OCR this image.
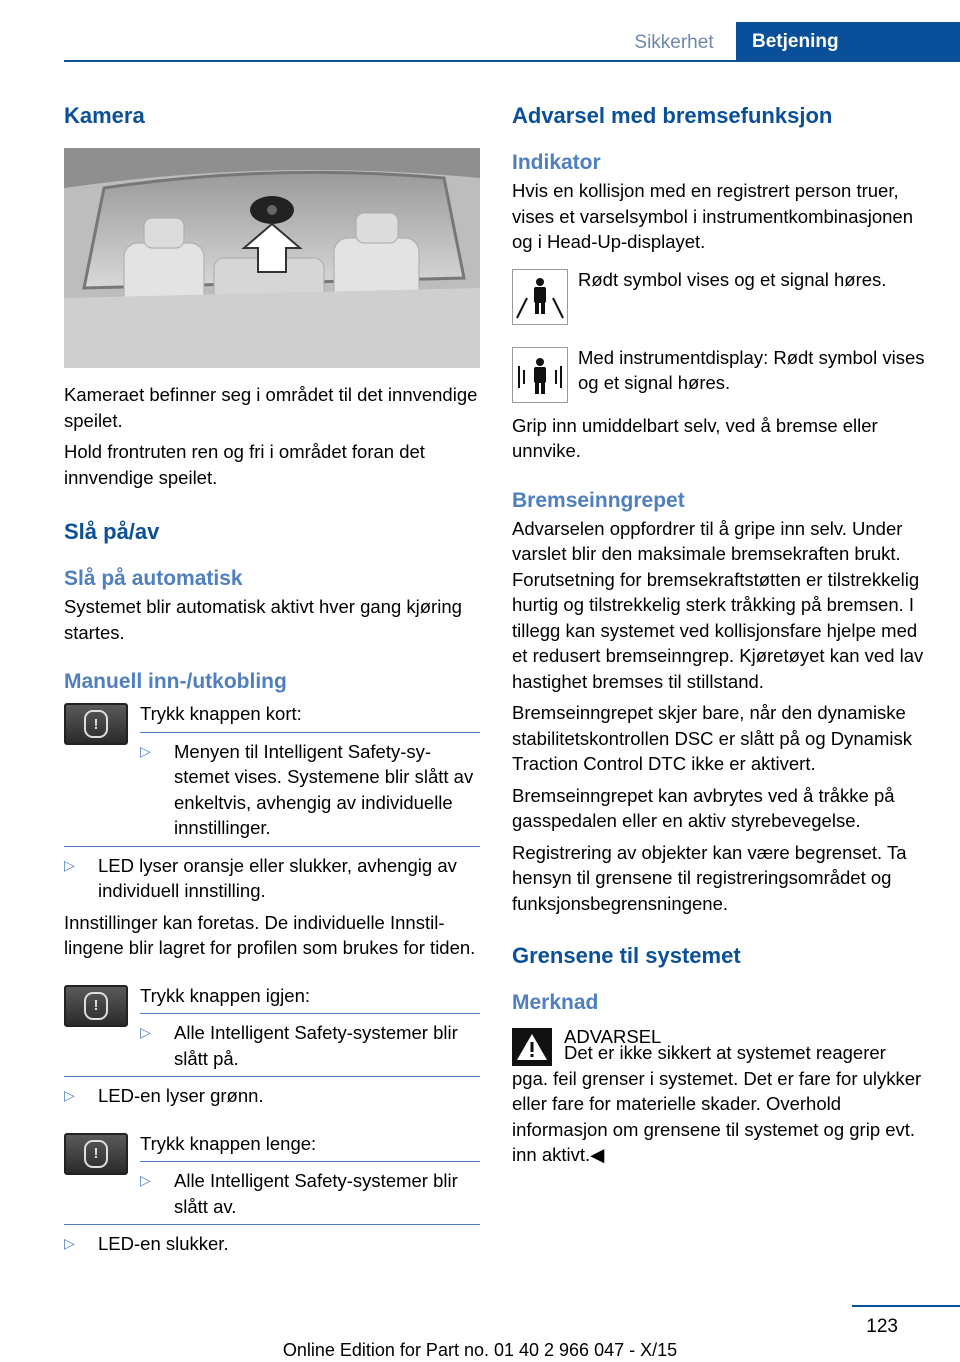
Sikkerhet	Betjening
Kamera
Kameraet befinner seg i området til det innvendige speilet.
Hold frontruten ren og fri i området foran det innvendige speilet.
Slå på/av
Slå på automatisk
Systemet blir automatisk aktivt hver gang kjøring startes.
Manuell inn-/utkobling
!	Trykk knappen kort:
▷	Menyen til Intelligent Safety-systemet vises. Systemene blir slått av enkeltvis, avhengig av individuelle innstillinger.
▷	LED lyser oransje eller slukker, avhengig av individuell innstilling.
Innstillinger kan foretas. De individuelle Innstillingene blir lagret for profilen som brukes for tiden.
!	Trykk knappen igjen:
▷	Alle Intelligent Safety-systemer blir slått på.
▷	LED-en lyser grønn.
!	Trykk knappen lenge:
▷	Alle Intelligent Safety-systemer blir slått av.
▷	LED-en slukker.
Advarsel med bremsefunksjon
Indikator
Hvis en kollisjon med en registrert person truer, vises et varselsymbol i instrumentkombinasjonen og i Head-Up-displayet.
Rødt symbol vises og et signal høres.
Med instrumentdisplay: Rødt symbol vises og et signal høres.
Grip inn umiddelbart selv, ved å bremse eller unnvike.
Bremseinngrepet
Advarselen oppfordrer til å gripe inn selv. Under varslet blir den maksimale bremsekraften brukt. Forutsetning for bremsekraftstøtten er tilstrekkelig hurtig og tilstrekkelig sterk tråkking på bremsen. I tillegg kan systemet ved kollisjonsfare hjelpe med et redusert bremseinngrep. Kjøretøyet kan ved lav hastighet bremses til stillstand.
Bremseinngrepet skjer bare, når den dynamiske stabilitetskontrollen DSC er slått på og Dynamisk Traction Control DTC ikke er aktivert.
Bremseinngrepet kan avbrytes ved å tråkke på gasspedalen eller en aktiv styrebevegelse.
Registrering av objekter kan være begrenset. Ta hensyn til grensene til registreringsområdet og funksjonsbegrensningene.
Grensene til systemet
Merknad
ADVARSEL
Det er ikke sikkert at systemet reagerer pga. feil grenser i systemet. Det er fare for ulykker eller fare for materielle skader. Overhold informasjon om grensene til systemet og grip evt. inn aktivt.◀
123
Online Edition for Part no. 01 40 2 966 047 - X/15
